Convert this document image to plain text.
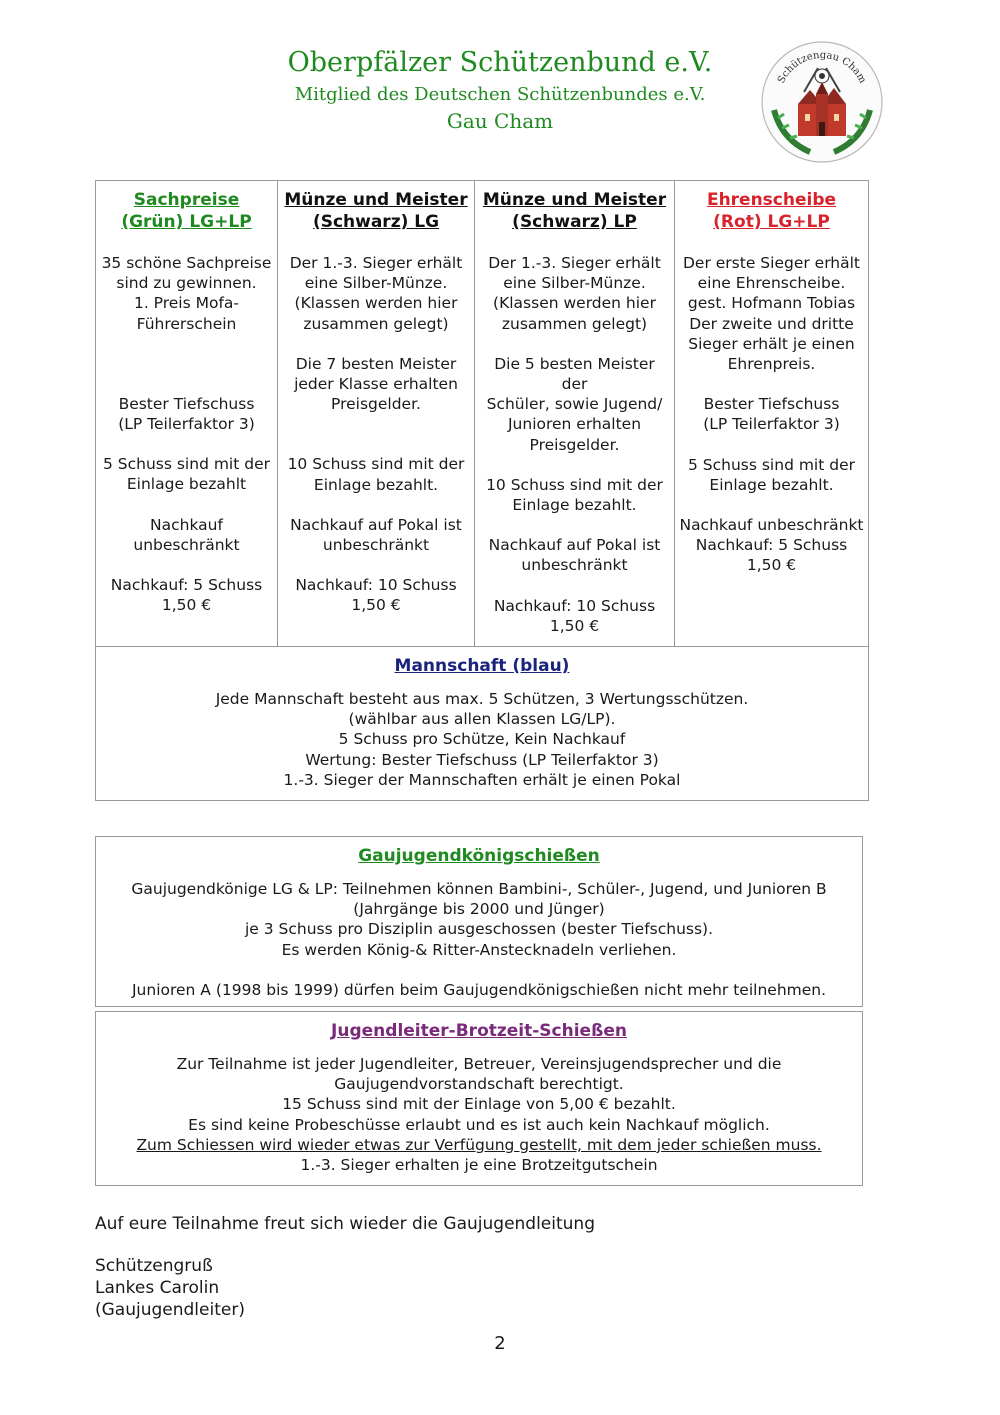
Oberpfälzer Schützenbund e.V.
Mitglied des Deutschen Schützenbundes e.V.
Gau Cham
Schützengau Cham
Sachpreise
(Grün) LG+LP
35 schöne Sachpreise
sind zu gewinnen.
1. Preis Mofa-
Führerschein
Bester Tiefschuss
(LP Teilerfaktor 3)
5 Schuss sind mit der
Einlage bezahlt
Nachkauf
unbeschränkt
Nachkauf: 5 Schuss
1,50 €

Münze und Meister
(Schwarz) LG
Der 1.-3. Sieger erhält
eine Silber-Münze.
(Klassen werden hier
zusammen gelegt)
Die 7 besten Meister
jeder Klasse erhalten
Preisgelder.
10 Schuss sind mit der
Einlage bezahlt.
Nachkauf auf Pokal ist
unbeschränkt
Nachkauf: 10 Schuss
1,50 €

Münze und Meister
(Schwarz) LP
Der 1.-3. Sieger erhält
eine Silber-Münze.
(Klassen werden hier
zusammen gelegt)
Die 5 besten Meister der
Schüler, sowie Jugend/
Junioren erhalten
Preisgelder.
10 Schuss sind mit der
Einlage bezahlt.
Nachkauf auf Pokal ist
unbeschränkt
Nachkauf: 10 Schuss
1,50 €

Ehrenscheibe
(Rot) LG+LP
Der erste Sieger erhält
eine Ehrenscheibe.
gest. Hofmann Tobias
Der zweite und dritte
Sieger erhält je einen
Ehrenpreis.
Bester Tiefschuss
(LP Teilerfaktor 3)
5 Schuss sind mit der
Einlage bezahlt.
Nachkauf unbeschränkt
Nachkauf: 5 Schuss
1,50 €

Mannschaft (blau)
Jede Mannschaft besteht aus max. 5 Schützen, 3 Wertungsschützen.
(wählbar aus allen Klassen LG/LP).
5 Schuss pro Schütze, Kein Nachkauf
Wertung: Bester Tiefschuss (LP Teilerfaktor 3)
1.-3. Sieger der Mannschaften erhält je einen Pokal
Gaujugendkönigschießen
Gaujugendkönige LG & LP: Teilnehmen können Bambini-, Schüler-, Jugend, und Junioren B
(Jahrgänge bis 2000 und Jünger)
je 3 Schuss pro Disziplin ausgeschossen (bester Tiefschuss).
Es werden König-& Ritter-Anstecknadeln verliehen.
Junioren A (1998 bis 1999) dürfen beim Gaujugendkönigschießen nicht mehr teilnehmen.
Jugendleiter-Brotzeit-Schießen
Zur Teilnahme ist jeder Jugendleiter, Betreuer, Vereinsjugendsprecher und die
Gaujugendvorstandschaft berechtigt.
15 Schuss sind mit der Einlage von 5,00 € bezahlt.
Es sind keine Probeschüsse erlaubt und es ist auch kein Nachkauf möglich.
Zum Schiessen wird wieder etwas zur Verfügung gestellt, mit dem jeder schießen muss.
1.-3. Sieger erhalten je eine Brotzeitgutschein
Auf eure Teilnahme freut sich wieder die Gaujugendleitung
Schützengruß
Lankes Carolin
(Gaujugendleiter)
2
